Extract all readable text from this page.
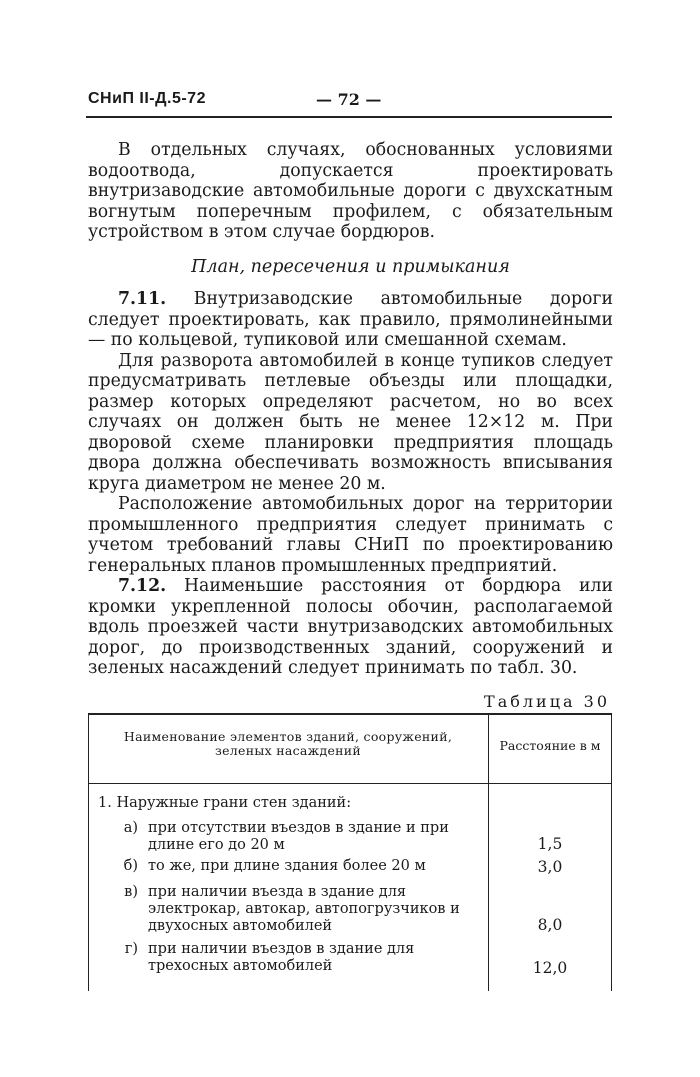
СНиП II-Д.5-72	— 72 —

В отдельных случаях, обоснованных условиями водоотвода, допускается проектировать внутризаводские автомобильные дороги с двухскатным вогнутым поперечным профилем, с обязательным устройством в этом случае бордюров.

План, пересечения и примыкания

7.11. Внутризаводские автомобильные дороги следует проектировать, как правило, прямолинейными — по кольцевой, тупиковой или смешанной схемам.

Для разворота автомобилей в конце тупиков следует предусматривать петлевые объезды или площадки, размер которых определяют расчетом, но во всех случаях он должен быть не менее 12×12 м. При дворовой схеме планировки предприятия площадь двора должна обеспечивать возможность вписывания круга диаметром не менее 20 м.

Расположение автомобильных дорог на территории промышленного предприятия следует принимать с учетом требований главы СНиП по проектированию генеральных планов промышленных предприятий.

7.12. Наименьшие расстояния от бордюра или кромки укрепленной полосы обочин, располагаемой вдоль проезжей части внутризаводских автомобильных дорог, до производственных зданий, сооружений и зеленых насаждений следует принимать по табл. 30.

Таблица 30
Наименование элементов зданий, сооружений, зеленых насаждений	Расстояние в м
1. Наружные грани стен зданий:
а) при отсутствии въездов в здание и при длине его до 20 м	1,5
б) то же, при длине здания более 20 м	3,0
в) при наличии въезда в здание для электрокар, автокар, автопогрузчиков и двухосных автомобилей	8,0
г) при наличии въездов в здание для трехосных автомобилей	12,0
